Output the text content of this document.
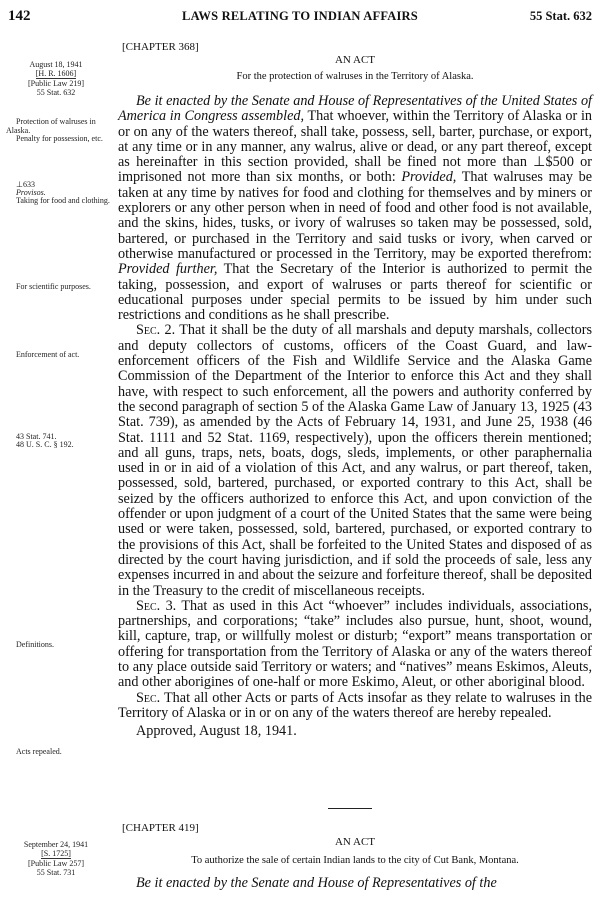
142	LAWS RELATING TO INDIAN AFFAIRS	55 Stat. 632
[CHAPTER 368]
AN ACT
For the protection of walruses in the Territory of Alaska.
August 18, 1941
[H. R. 1606]
[Public Law 219]
55 Stat. 632
Protection of walruses in Alaska.
Penalty for possession, etc.
⊥633
Provisos.
Taking for food and clothing.
For scientific purposes.
Enforcement of act.
43 Stat. 741.
48 U. S. C. § 192.
Definitions.
Acts repealed.

Be it enacted by the Senate and House of Representatives of the United States of America in Congress assembled, That whoever, within the Territory of Alaska or in or on any of the waters thereof, shall take, possess, sell, barter, purchase, or export, at any time or in any manner, any walrus, alive or dead, or any part thereof, except as hereinafter in this section provided, shall be fined not more than ⊥$500 or imprisoned not more than six months, or both: Provided, That walruses may be taken at any time by natives for food and clothing for themselves and by miners or explorers or any other person when in need of food and other food is not available, and the skins, hides, tusks, or ivory of walruses so taken may be possessed, sold, bartered, or purchased in the Territory and said tusks or ivory, when carved or otherwise manufactured or processed in the Territory, may be exported therefrom: Provided further, That the Secretary of the Interior is authorized to permit the taking, possession, and export of walruses or parts thereof for scientific or educational purposes under special permits to be issued by him under such restrictions and conditions as he shall prescribe.

Sec. 2. That it shall be the duty of all marshals and deputy marshals, collectors and deputy collectors of customs, officers of the Coast Guard, and law-enforcement officers of the Fish and Wildlife Service and the Alaska Game Commission of the Department of the Interior to enforce this Act and they shall have, with respect to such enforcement, all the powers and authority conferred by the second paragraph of section 5 of the Alaska Game Law of January 13, 1925 (43 Stat. 739), as amended by the Acts of February 14, 1931, and June 25, 1938 (46 Stat. 1111 and 52 Stat. 1169, respectively), upon the officers therein mentioned; and all guns, traps, nets, boats, dogs, sleds, implements, or other paraphernalia used in or in aid of a violation of this Act, and any walrus, or part thereof, taken, possessed, sold, bartered, purchased, or exported contrary to this Act, shall be seized by the officers authorized to enforce this Act, and upon conviction of the offender or upon judgment of a court of the United States that the same were being used or were taken, possessed, sold, bartered, purchased, or exported contrary to the provisions of this Act, shall be forfeited to the United States and disposed of as directed by the court having jurisdiction, and if sold the proceeds of sale, less any expenses incurred in and about the seizure and forfeiture thereof, shall be deposited in the Treasury to the credit of miscellaneous receipts.

Sec. 3. That as used in this Act “whoever” includes individuals, associations, partnerships, and corporations; “take” includes also pursue, hunt, shoot, wound, kill, capture, trap, or willfully molest or disturb; “export” means transportation or offering for transportation from the Territory of Alaska or any of the waters thereof to any place outside said Territory or waters; and “natives” means Eskimos, Aleuts, and other aborigines of one-half or more Eskimo, Aleut, or other aboriginal blood.

Sec. That all other Acts or parts of Acts insofar as they relate to walruses in the Territory of Alaska or in or on any of the waters thereof are hereby repealed.

Approved, August 18, 1941.

[CHAPTER 419]
AN ACT
To authorize the sale of certain Indian lands to the city of Cut Bank, Montana.
September 24, 1941
[S. 1725]
[Public Law 257]
55 Stat. 731

Be it enacted by the Senate and House of Representatives of the
